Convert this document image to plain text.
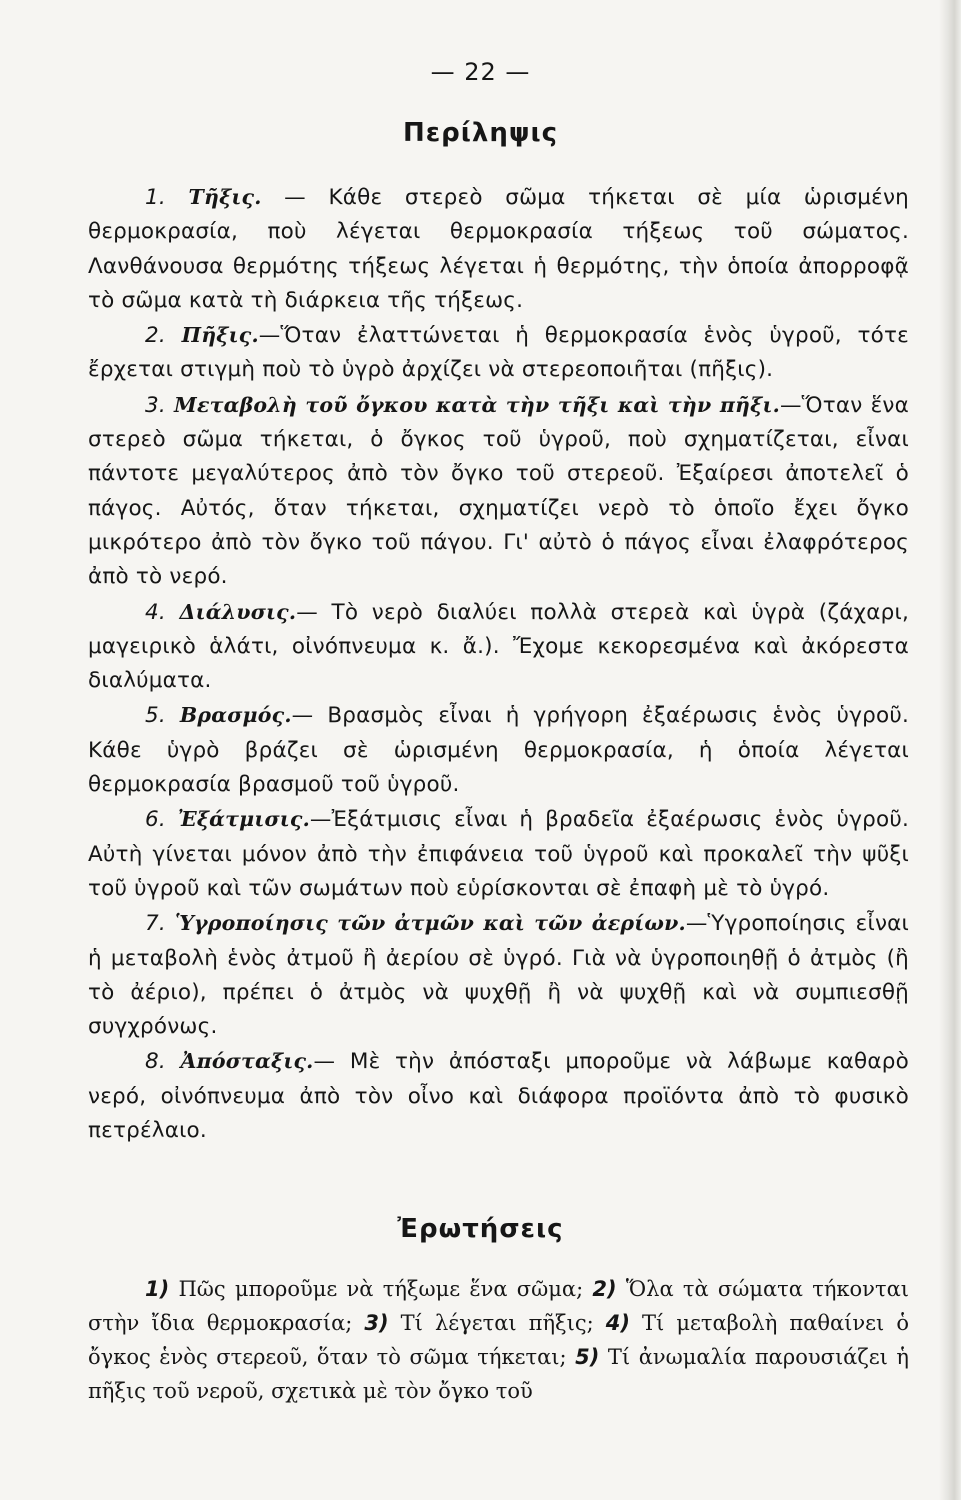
— 22 —
Περίληψις

1. Τῆξις. — Κάθε στερεὸ σῶμα τήκεται σὲ μία ὡρισμένη θερμοκρασία, ποὺ λέγεται θερμοκρασία τήξεως τοῦ σώματος. Λανθάνουσα θερμότης τήξεως λέγεται ἡ θερμότης, τὴν ὁποία ἀπορροφᾷ τὸ σῶμα κατὰ τὴ διάρκεια τῆς τήξεως.

2. Πῆξις.—Ὅταν ἐλαττώνεται ἡ θερμοκρασία ἑνὸς ὑγροῦ, τότε ἔρχεται στιγμὴ ποὺ τὸ ὑγρὸ ἀρχίζει νὰ στερεοποιῆται (πῆξις).

3. Μεταβολὴ τοῦ ὄγκου κατὰ τὴν τῆξι καὶ τὴν πῆξι.—Ὅταν ἕνα στερεὸ σῶμα τήκεται, ὁ ὄγκος τοῦ ὑγροῦ, ποὺ σχηματίζεται, εἶναι πάντοτε μεγαλύτερος ἀπὸ τὸν ὄγκο τοῦ στερεοῦ. Ἐξαίρεσι ἀποτελεῖ ὁ πάγος. Αὐτός, ὅταν τήκεται, σχηματίζει νερὸ τὸ ὁποῖο ἔχει ὄγκο μικρότερο ἀπὸ τὸν ὄγκο τοῦ πάγου. Γι' αὐτὸ ὁ πάγος εἶναι ἐλαφρότερος ἀπὸ τὸ νερό.

4. Διάλυσις.— Τὸ νερὸ διαλύει πολλὰ στερεὰ καὶ ὑγρὰ (ζάχαρι, μαγειρικὸ ἁλάτι, οἰνόπνευμα κ. ἄ.). Ἔχομε κεκορεσμένα καὶ ἀκόρεστα διαλύματα.

5. Βρασμός.— Βρασμὸς εἶναι ἡ γρήγορη ἐξαέρωσις ἑνὸς ὑγροῦ. Κάθε ὑγρὸ βράζει σὲ ὡρισμένη θερμοκρασία, ἡ ὁποία λέγεται θερμοκρασία βρασμοῦ τοῦ ὑγροῦ.

6. Ἐξάτμισις.—Ἐξάτμισις εἶναι ἡ βραδεῖα ἐξαέρωσις ἑνὸς ὑγροῦ. Αὐτὴ γίνεται μόνον ἀπὸ τὴν ἐπιφάνεια τοῦ ὑγροῦ καὶ προκαλεῖ τὴν ψῦξι τοῦ ὑγροῦ καὶ τῶν σωμάτων ποὺ εὑρίσκονται σὲ ἐπαφὴ μὲ τὸ ὑγρό.

7. Ὑγροποίησις τῶν ἀτμῶν καὶ τῶν ἀερίων.—Ὑγροποίησις εἶναι ἡ μεταβολὴ ἑνὸς ἀτμοῦ ἢ ἀερίου σὲ ὑγρό. Γιὰ νὰ ὑγροποιηθῇ ὁ ἀτμὸς (ἢ τὸ ἀέριο), πρέπει ὁ ἀτμὸς νὰ ψυχθῇ ἢ νὰ ψυχθῇ καὶ νὰ συμπιεσθῇ συγχρόνως.

8. Ἀπόσταξις.— Μὲ τὴν ἀπόσταξι μποροῦμε νὰ λάβωμε καθαρὸ νερό, οἰνόπνευμα ἀπὸ τὸν οἶνο καὶ διάφορα προϊόντα ἀπὸ τὸ φυσικὸ πετρέλαιο.

Ἐρωτήσεις
1) Πῶς μποροῦμε νὰ τήξωμε ἕνα σῶμα; 2) Ὅλα τὰ σώματα τήκονται στὴν ἴδια θερμοκρασία; 3) Τί λέγεται πῆξις; 4) Τί μεταβολὴ παθαίνει ὁ ὄγκος ἑνὸς στερεοῦ, ὅταν τὸ σῶμα τήκεται; 5) Τί ἀνωμαλία παρουσιάζει ἡ πῆξις τοῦ νεροῦ, σχετικὰ μὲ τὸν ὄγκο τοῦ
